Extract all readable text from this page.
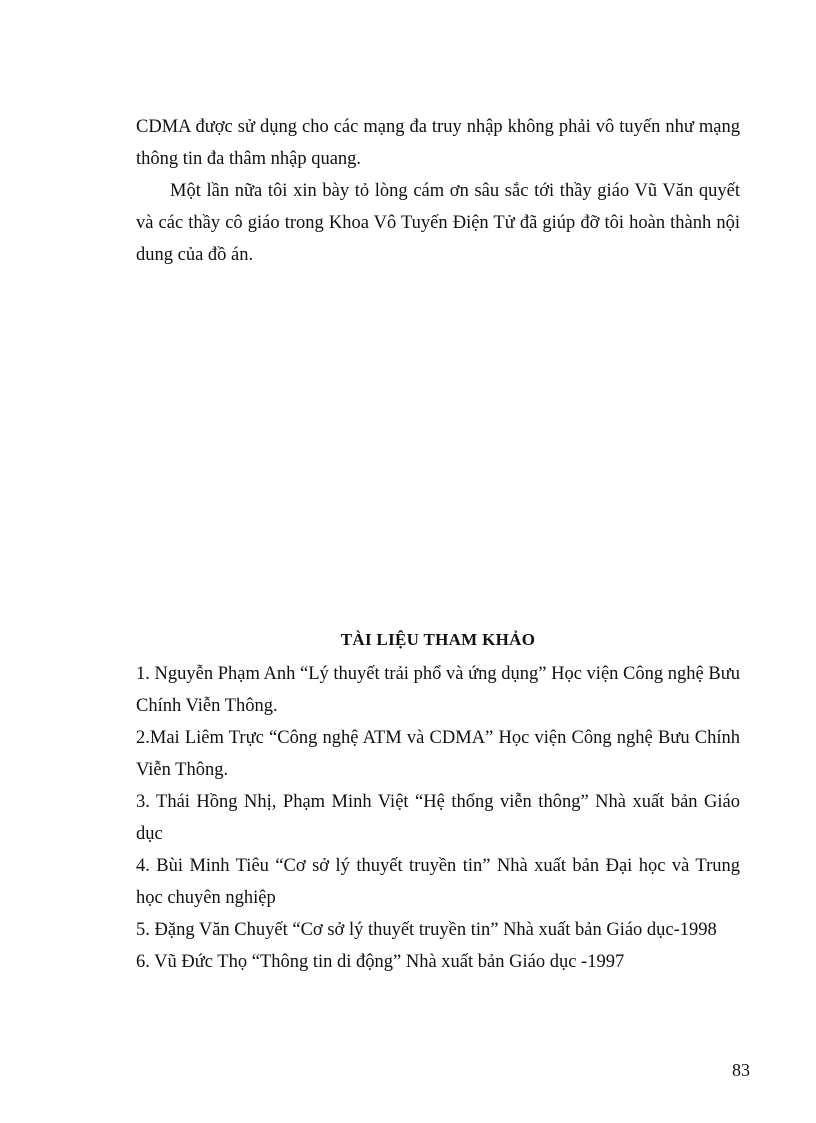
CDMA được sử dụng cho các mạng đa truy nhập không phải vô tuyến như mạng thông tin đa thâm nhập quang.

Một lần nữa tôi xin bày tỏ lòng cám ơn sâu sắc tới thầy giáo Vũ Văn quyết và các thầy cô giáo trong Khoa Vô Tuyến Điện Tử đã giúp đỡ tôi hoàn thành nội dung của đồ án.

TÀI LIỆU THAM KHẢO

1. Nguyễn Phạm Anh “Lý thuyết trải phổ và ứng dụng” Học viện Công nghệ Bưu Chính Viễn Thông.

2.Mai Liêm Trực “Công nghệ ATM và CDMA” Học viện Công nghệ Bưu Chính Viễn Thông.

3. Thái Hồng Nhị, Phạm Minh Việt “Hệ thống viễn thông” Nhà xuất bản Giáo dục

4. Bùi Minh Tiêu “Cơ sở lý thuyết truyền tin” Nhà xuất bản Đại học và Trung học chuyên nghiệp

5. Đặng Văn Chuyết “Cơ sở lý thuyết truyền tin” Nhà xuất bản Giáo dục-1998

6. Vũ Đức Thọ “Thông tin di động” Nhà xuất bản Giáo dục -1997

83
